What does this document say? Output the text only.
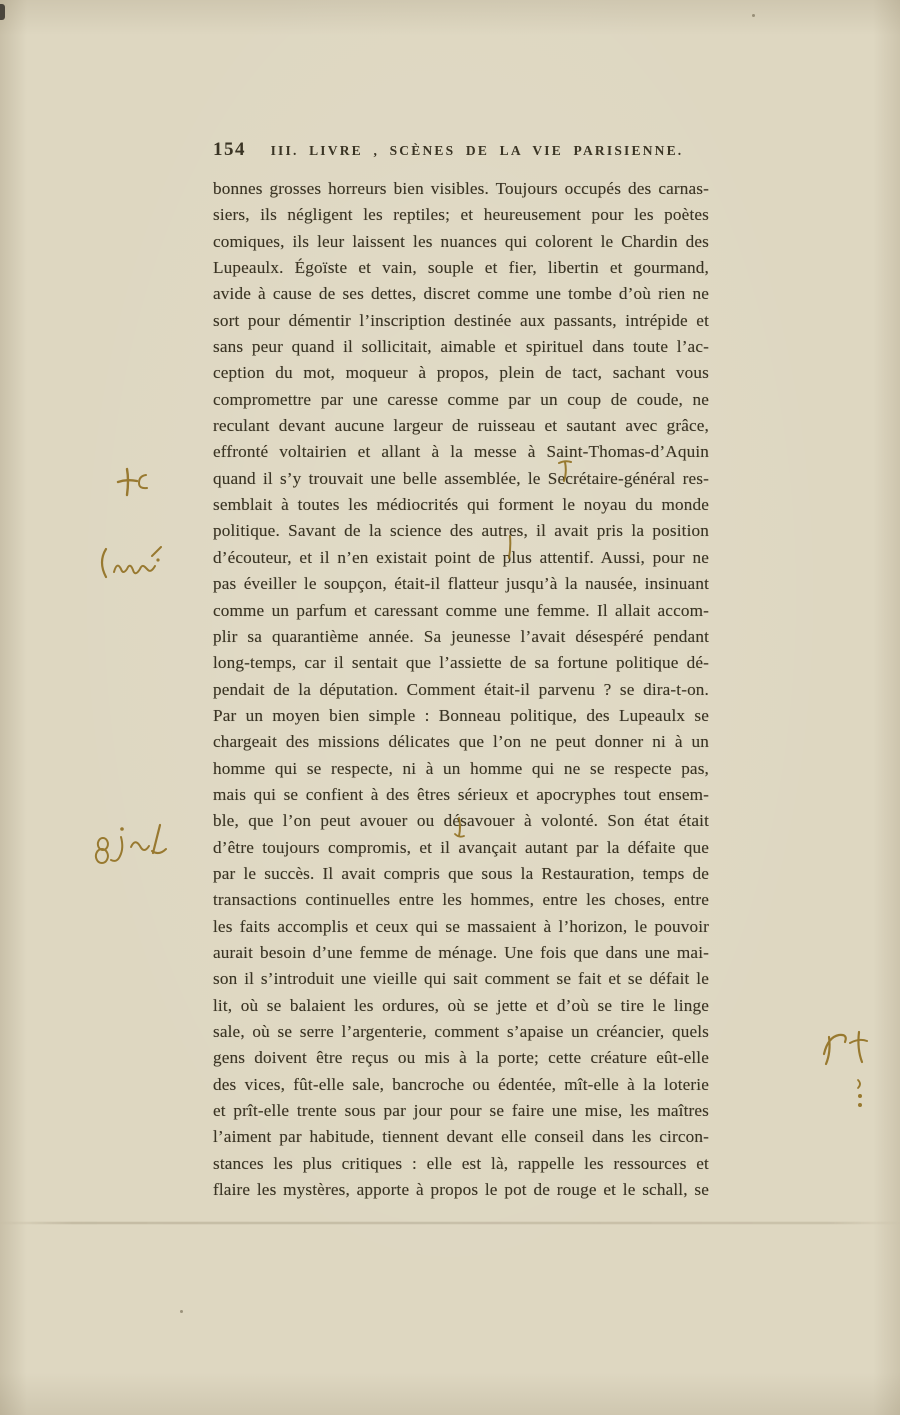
154	III. LIVRE , SCÈNES DE LA VIE PARISIENNE.
bonnes grosses horreurs bien visibles. Toujours occupés des carnas-
siers, ils négligent les reptiles; et heureusement pour les poètes
comiques, ils leur laissent les nuances qui colorent le Chardin des
Lupeaulx. Égoïste et vain, souple et fier, libertin et gourmand,
avide à cause de ses dettes, discret comme une tombe d’où rien ne
sort pour démentir l’inscription destinée aux passants, intrépide et
sans peur quand il sollicitait, aimable et spirituel dans toute l’ac-
ception du mot, moqueur à propos, plein de tact, sachant vous
compromettre par une caresse comme par un coup de coude, ne
reculant devant aucune largeur de ruisseau et sautant avec grâce,
effronté voltairien et allant à la messe à Saint-Thomas-d’Aquin
quand il s’y trouvait une belle assemblée, le Secrétaire-général res-
semblait à toutes les médiocrités qui forment le noyau du monde
politique. Savant de la science des autres, il avait pris la position
d’écouteur, et il n’en existait point de plus attentif. Aussi, pour ne
pas éveiller le soupçon, était-il flatteur jusqu’à la nausée, insinuant
comme un parfum et caressant comme une femme. Il allait accom-
plir sa quarantième année. Sa jeunesse l’avait désespéré pendant
long-temps, car il sentait que l’assiette de sa fortune politique dé-
pendait de la députation. Comment était-il parvenu ? se dira-t-on.
Par un moyen bien simple : Bonneau politique, des Lupeaulx se
chargeait des missions délicates que l’on ne peut donner ni à un
homme qui se respecte, ni à un homme qui ne se respecte pas,
mais qui se confient à des êtres sérieux et apocryphes tout ensem-
ble, que l’on peut avouer ou désavouer à volonté. Son état était
d’être toujours compromis, et il avançait autant par la défaite que
par le succès. Il avait compris que sous la Restauration, temps de
transactions continuelles entre les hommes, entre les choses, entre
les faits accomplis et ceux qui se massaient à l’horizon, le pouvoir
aurait besoin d’une femme de ménage. Une fois que dans une mai-
son il s’introduit une vieille qui sait comment se fait et se défait le
lit, où se balaient les ordures, où se jette et d’où se tire le linge
sale, où se serre l’argenterie, comment s’apaise un créancier, quels
gens doivent être reçus ou mis à la porte; cette créature eût-elle
des vices, fût-elle sale, bancroche ou édentée, mît-elle à la loterie
et prît-elle trente sous par jour pour se faire une mise, les maîtres
l’aiment par habitude, tiennent devant elle conseil dans les circon-
stances les plus critiques : elle est là, rappelle les ressources et
flaire les mystères, apporte à propos le pot de rouge et le schall, se
